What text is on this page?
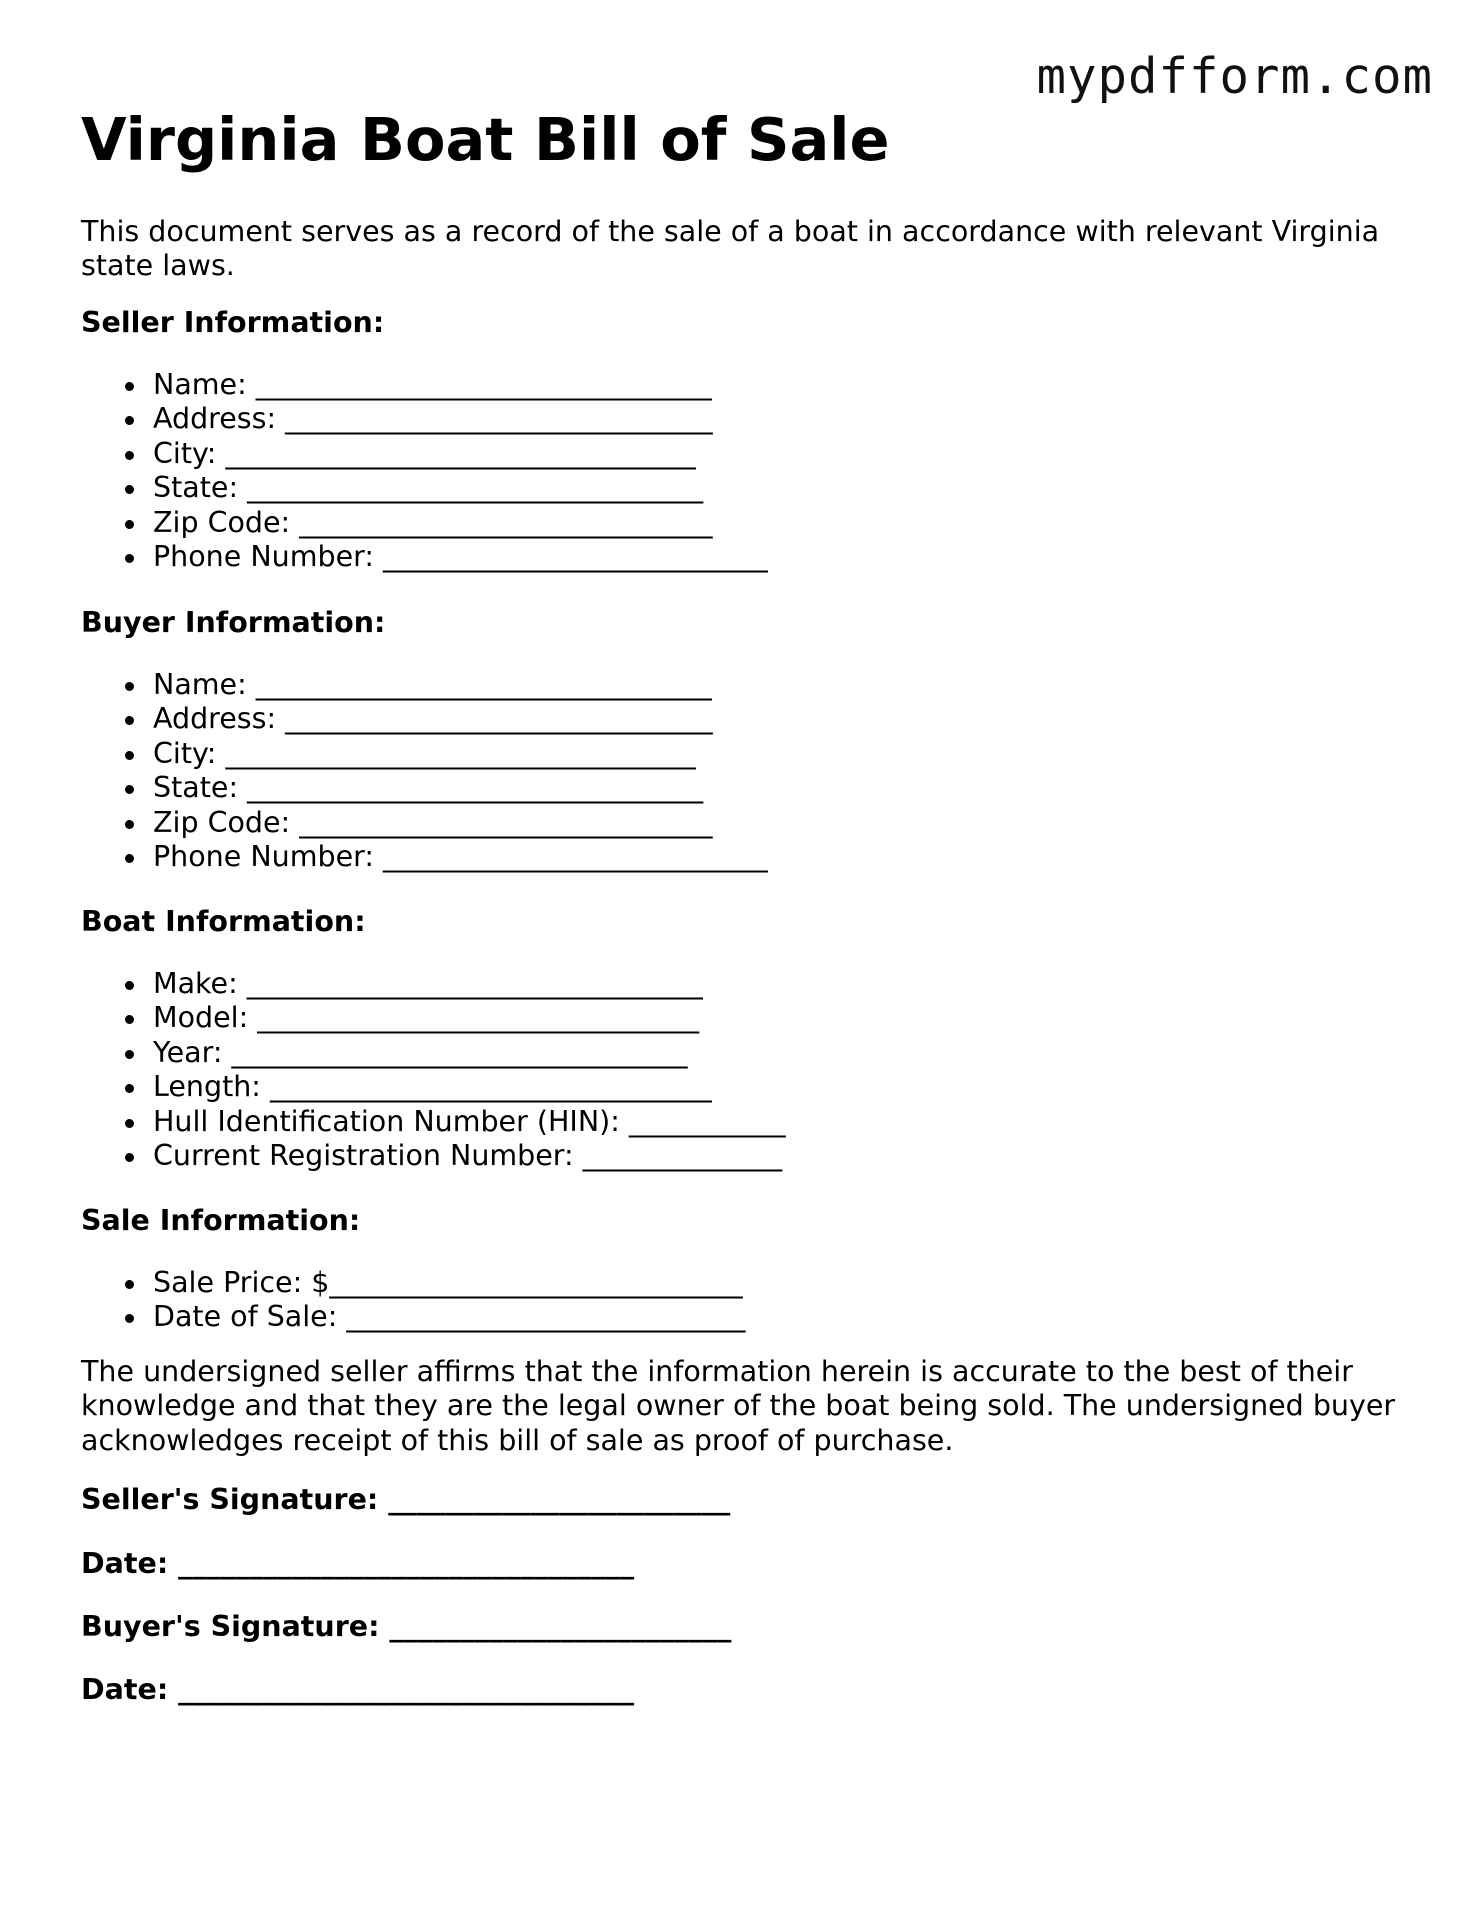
mypdfform.com
Virginia Boat Bill of Sale

This document serves as a record of the sale of a boat in accordance with relevant Virginia state laws.

Seller Information:

Name: ________________________________
Address: ______________________________
City: _________________________________
State: ________________________________
Zip Code: _____________________________
Phone Number: ___________________________

Buyer Information:

Name: ________________________________
Address: ______________________________
City: _________________________________
State: ________________________________
Zip Code: _____________________________
Phone Number: ___________________________

Boat Information:

Make: ________________________________
Model: _______________________________
Year: ________________________________
Length: _______________________________
Hull Identification Number (HIN): ___________
Current Registration Number: ______________

Sale Information:

Sale Price: $_____________________________
Date of Sale: ____________________________

The undersigned seller affirms that the information herein is accurate to the best of their knowledge and that they are the legal owner of the boat being sold. The undersigned buyer acknowledges receipt of this bill of sale as proof of purchase.

Seller's Signature: ________________________

Date: ________________________________

Buyer's Signature: ________________________

Date: ________________________________
